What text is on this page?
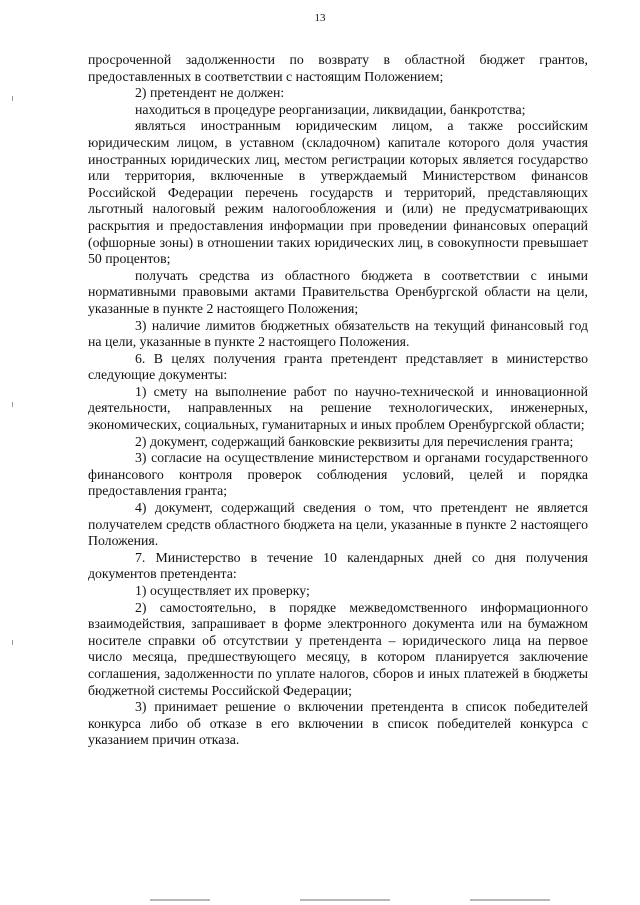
13

просроченной задолженности по возврату в областной бюджет грантов, предоставленных в соответствии с настоящим Положением;

2) претендент не должен:

находиться в процедуре реорганизации, ликвидации, банкротства;

являться иностранным юридическим лицом, а также российским юридическим лицом, в уставном (складочном) капитале которого доля участия иностранных юридических лиц, местом регистрации которых является государство или территория, включенные в утверждаемый Министерством финансов Российской Федерации перечень государств и территорий, представляющих льготный налоговый режим налогообложения и (или) не предусматривающих раскрытия и предоставления информации при проведении финансовых операций (офшорные зоны) в отношении таких юридических лиц, в совокупности превышает 50 процентов;

получать средства из областного бюджета в соответствии с иными нормативными правовыми актами Правительства Оренбургской области на цели, указанные в пункте 2 настоящего Положения;

3) наличие лимитов бюджетных обязательств на текущий финансовый год на цели, указанные в пункте 2 настоящего Положения.

6. В целях получения гранта претендент представляет в министерство следующие документы:

1) смету на выполнение работ по научно-технической и инновационной деятельности, направленных на решение технологических, инженерных, экономических, социальных, гуманитарных и иных проблем Оренбургской области;

2) документ, содержащий банковские реквизиты для перечисления гранта;

3) согласие на осуществление министерством и органами государственного финансового контроля проверок соблюдения условий, целей и порядка предоставления гранта;

4) документ, содержащий сведения о том, что претендент не является получателем средств областного бюджета на цели, указанные в пункте 2 настоящего Положения.

7. Министерство в течение 10 календарных дней со дня получения документов претендента:

1) осуществляет их проверку;

2) самостоятельно, в порядке межведомственного информационного взаимодействия, запрашивает в форме электронного документа или на бумажном носителе справки об отсутствии у претендента – юридического лица на первое число месяца, предшествующего месяцу, в котором планируется заключение соглашения, задолженности по уплате налогов, сборов и иных платежей в бюджеты бюджетной системы Российской Федерации;

3) принимает решение о включении претендента в список победителей конкурса либо об отказе в его включении в список победителей конкурса с указанием причин отказа.
